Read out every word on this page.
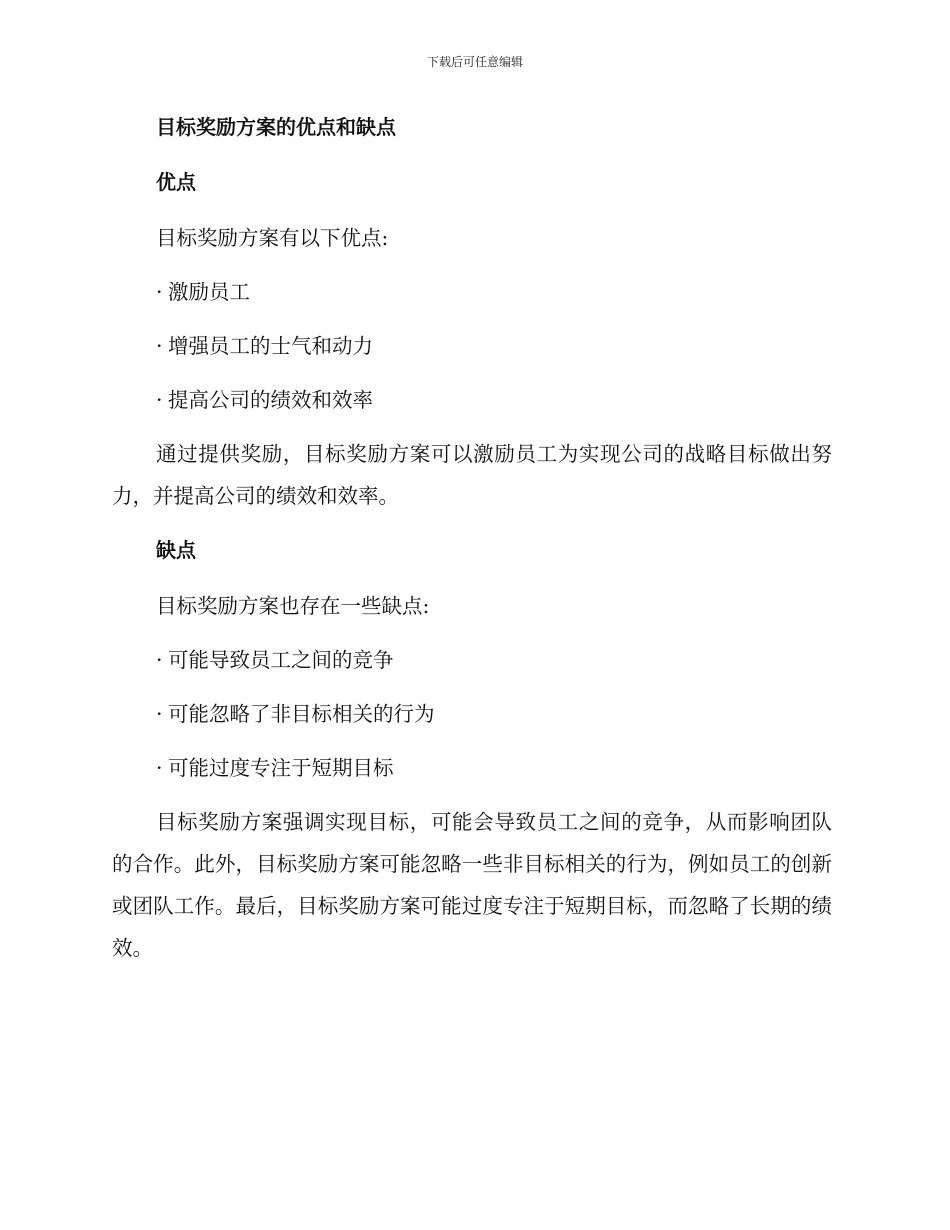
下载后可任意编辑
目标奖励方案的优点和缺点
优点

目标奖励方案有以下优点:

· 激励员工
· 增强员工的士气和动力
· 提高公司的绩效和效率

通过提供奖励，目标奖励方案可以激励员工为实现公司的战略目标做出努力，并提高公司的绩效和效率。

缺点

目标奖励方案也存在一些缺点:

· 可能导致员工之间的竞争
· 可能忽略了非目标相关的行为
· 可能过度专注于短期目标

目标奖励方案强调实现目标，可能会导致员工之间的竞争，从而影响团队的合作。此外，目标奖励方案可能忽略一些非目标相关的行为，例如员工的创新或团队工作。最后，目标奖励方案可能过度专注于短期目标，而忽略了长期的绩效。
